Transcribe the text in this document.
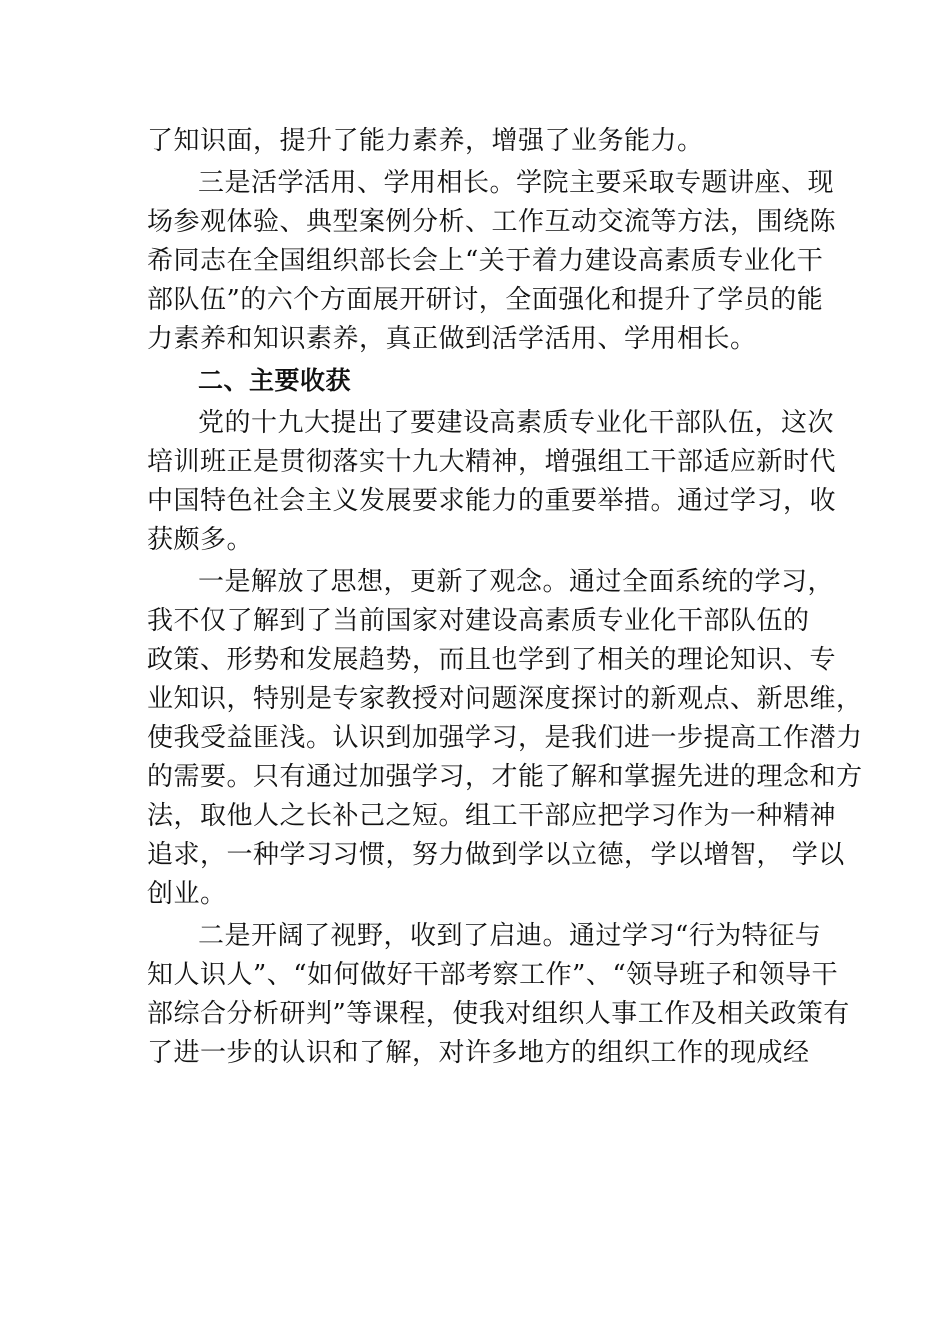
了知识面，提升了能力素养，增强了业务能力。
三是活学活用、学用相长。学院主要采取专题讲座、现
场参观体验、典型案例分析、工作互动交流等方法，围绕陈
希同志在全国组织部长会上“关于着力建设高素质专业化干
部队伍”的六个方面展开研讨，全面强化和提升了学员的能
力素养和知识素养，真正做到活学活用、学用相长。
二、主要收获
党的十九大提出了要建设高素质专业化干部队伍，这次
培训班正是贯彻落实十九大精神，增强组工干部适应新时代
中国特色社会主义发展要求能力的重要举措。通过学习，收
获颇多。
一是解放了思想，更新了观念。通过全面系统的学习，
我不仅了解到了当前国家对建设高素质专业化干部队伍的
政策、形势和发展趋势，而且也学到了相关的理论知识、专
业知识，特别是专家教授对问题深度探讨的新观点、新思维，
使我受益匪浅。认识到加强学习，是我们进一步提高工作潜力
的需要。只有通过加强学习，才能了解和掌握先进的理念和方
法，取他人之长补己之短。组工干部应把学习作为一种精神
追求，一种学习习惯，努力做到学以立德，学以增智， 学以
创业。
二是开阔了视野，收到了启迪。通过学习“行为特征与
知人识人”、“如何做好干部考察工作”、“领导班子和领导干
部综合分析研判”等课程，使我对组织人事工作及相关政策有
了进一步的认识和了解，对许多地方的组织工作的现成经
